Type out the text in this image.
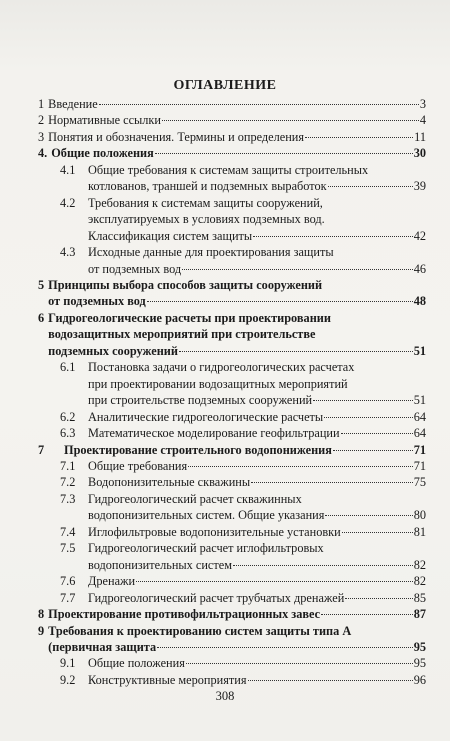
ОГЛАВЛЕНИЕ
1 Введение	3
2 Нормативные ссылки	4
3 Понятия и обозначения. Термины и определения	11
4. Общие положения	30
4.1	Общие требования к системам защиты строительных
котлованов, траншей и подземных выработок	39
4.2	Требования к системам защиты сооружений,
эксплуатируемых в условиях подземных вод.
Классификация систем защиты	42
4.3	Исходные данные для проектирования защиты
от подземных вод	46
5 Принципы выбора способов защиты сооружений
от подземных вод	48
6 Гидрогеологические расчеты при проектировании
водозащитных мероприятий при строительстве
подземных сооружений	51
6.1	Постановка задачи о гидрогеологических расчетах
при проектировании водозащитных мероприятий
при строительстве подземных сооружений	51
6.2	Аналитические гидрогеологические расчеты	64
6.3	Математическое моделирование геофильтрации	64
7	Проектирование строительного водопонижения	71
7.1	Общие требования	71
7.2	Водопонизительные скважины	75
7.3	Гидрогеологический расчет скважинных
водопонизительных систем. Общие указания	80
7.4	Иглофильтровые водопонизительные установки	81
7.5	Гидрогеологический расчет иглофильтровых
водопонизительных систем	82
7.6	Дренажи	82
7.7	Гидрогеологический расчет трубчатых дренажей	85
8 Проектирование противофильтрационных завес	87
9 Требования к проектированию систем защиты типа А
(первичная защита	95
9.1	Общие положения	95
9.2	Конструктивные мероприятия	96
308
